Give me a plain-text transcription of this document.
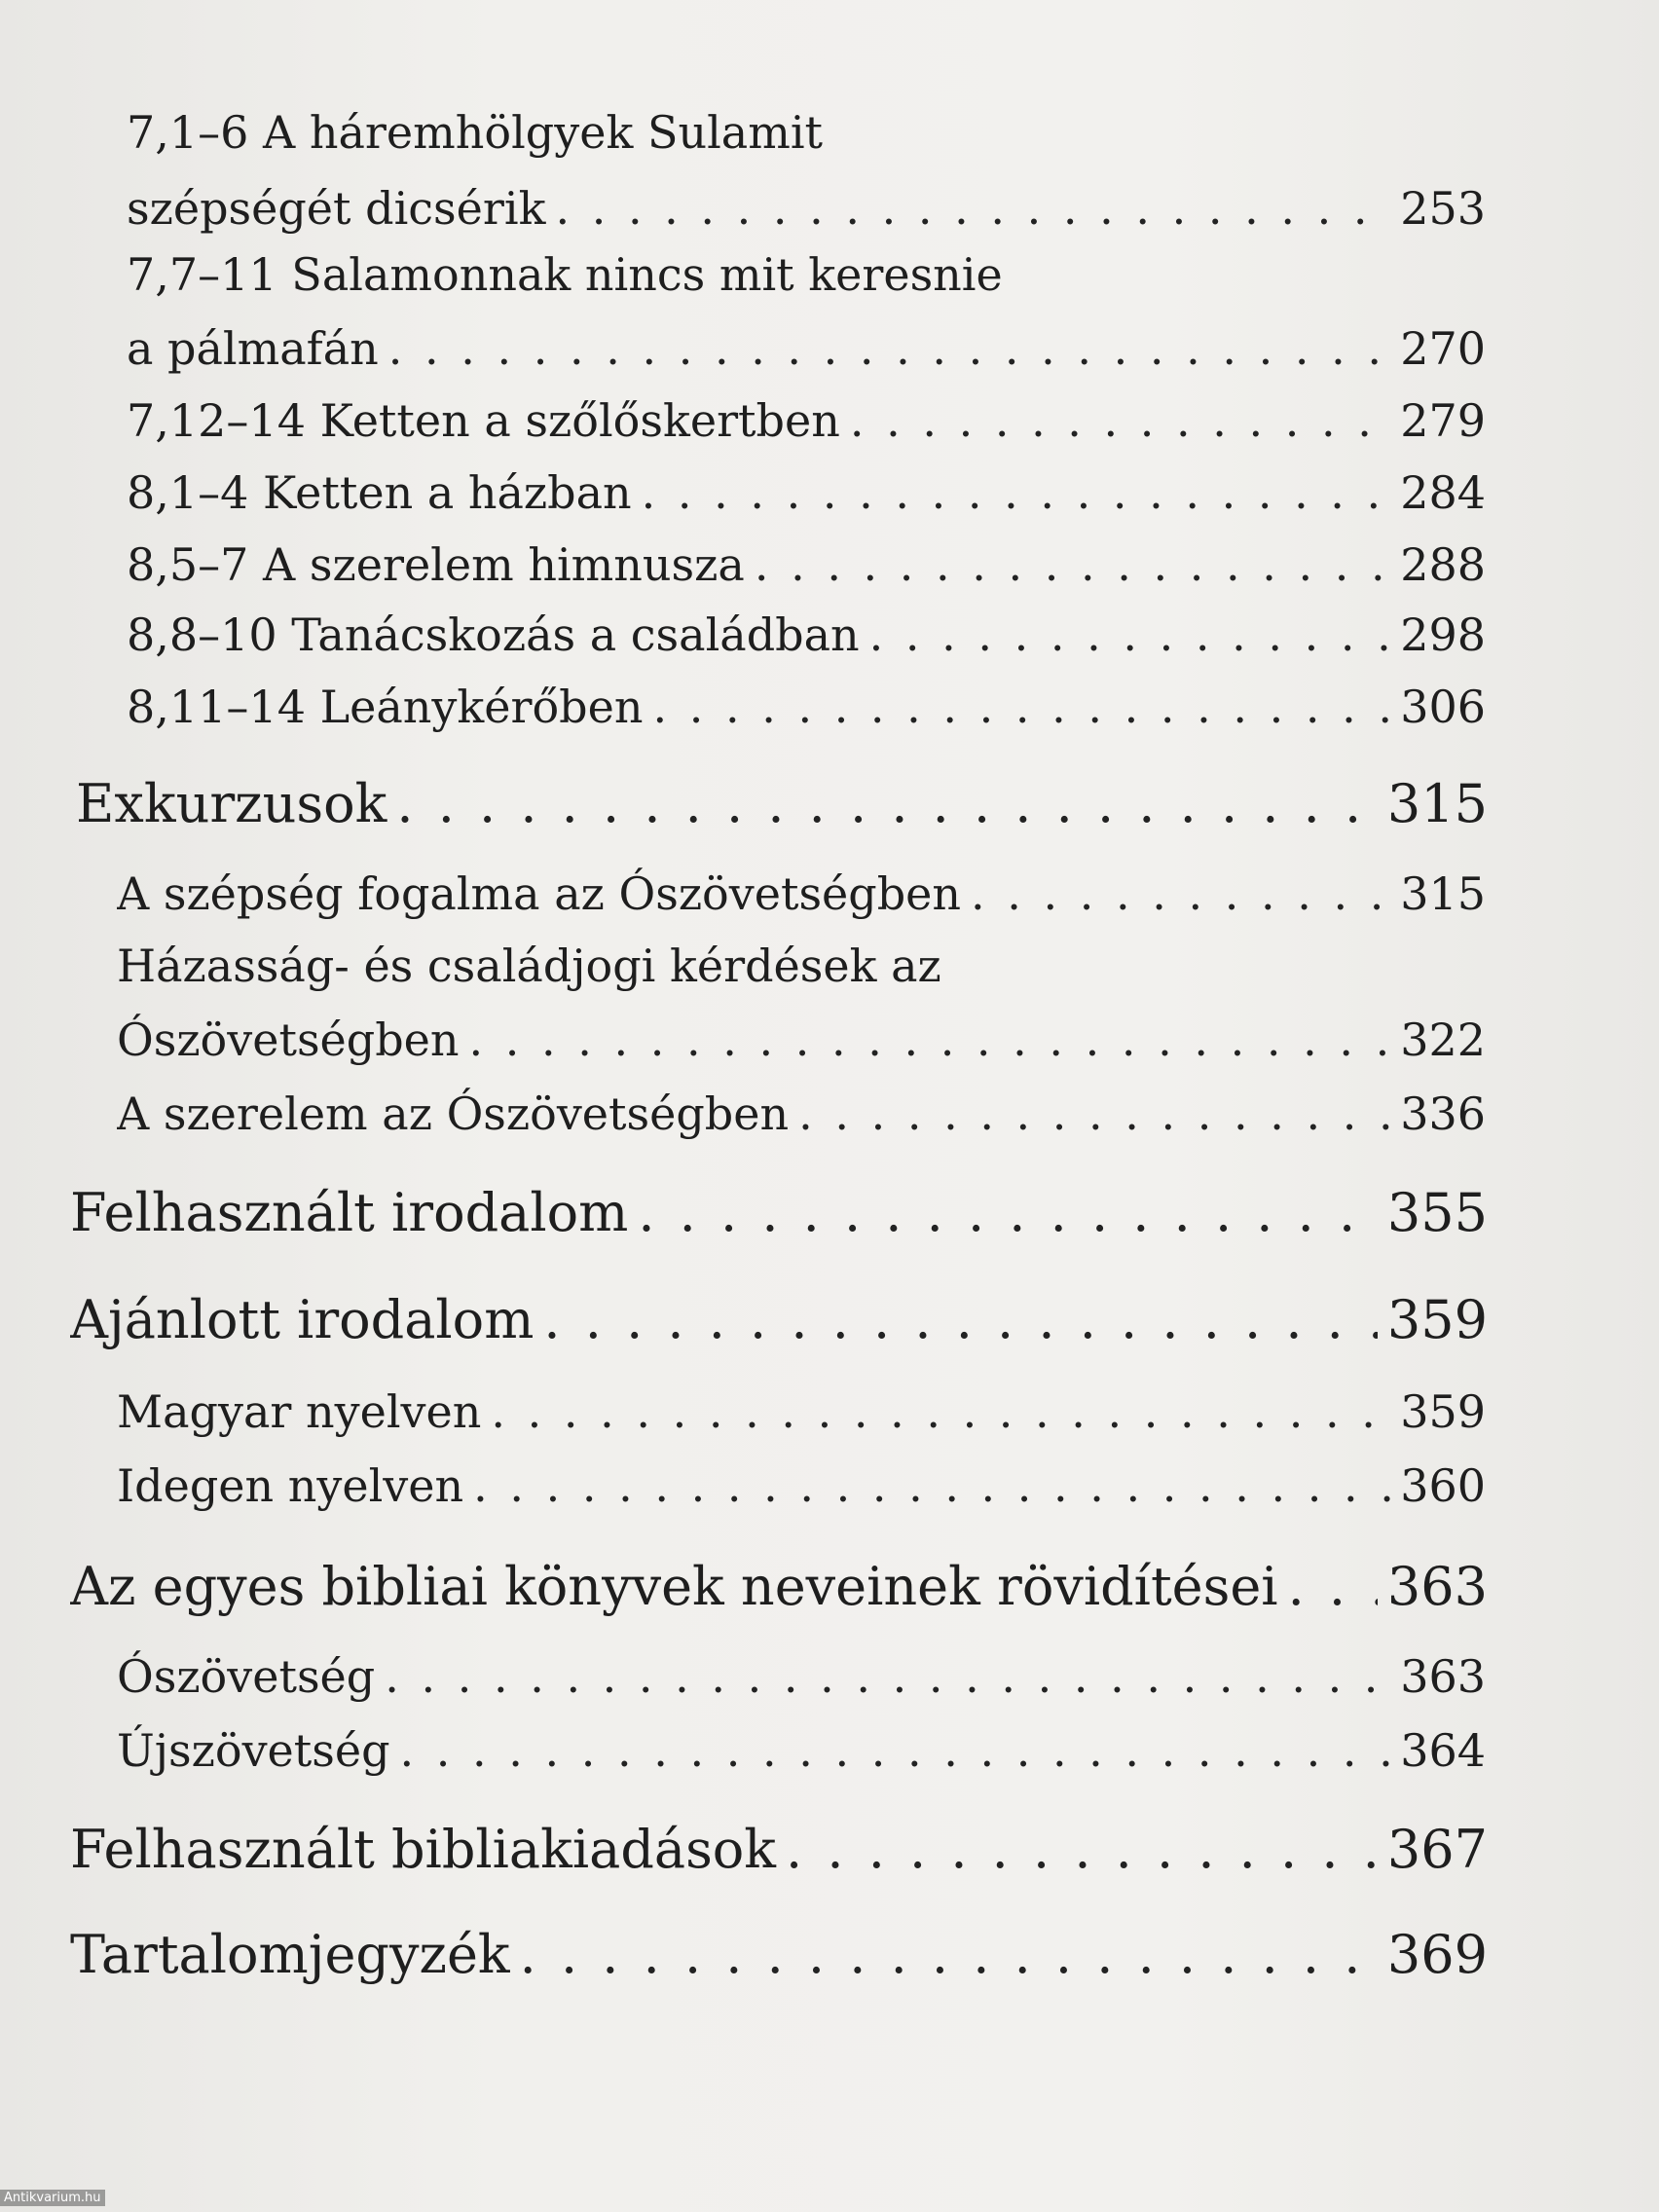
7,1–6 A háremhölgyek Sulamit
szépségét dicsérik . . .	253
7,7–11 Salamonnak nincs mit keresnie
a pálmafán . . .	270
7,12–14 Ketten a szőlőskertben . . .	279
8,1–4 Ketten a házban . . .	284
8,5–7 A szerelem himnusza . . .	288
8,8–10 Tanácskozás a családban . . .	298
8,11–14 Leánykérőben . . .	306
Exkurzusok . . .	315
A szépség fogalma az Ószövetségben . . .	315
Házasság- és családjogi kérdések az
Ószövetségben . . .	322
A szerelem az Ószövetségben . . .	336
Felhasznált irodalom . . .	355
Ajánlott irodalom . . .	359
Magyar nyelven . . .	359
Idegen nyelven . . .	360
Az egyes bibliai könyvek neveinek rövidítései . . . 363
Ószövetség . . .	363
Újszövetség . . .	364
Felhasznált bibliakiadások . . .	367
Tartalomjegyzék . . .	369
Antikvarium.hu
